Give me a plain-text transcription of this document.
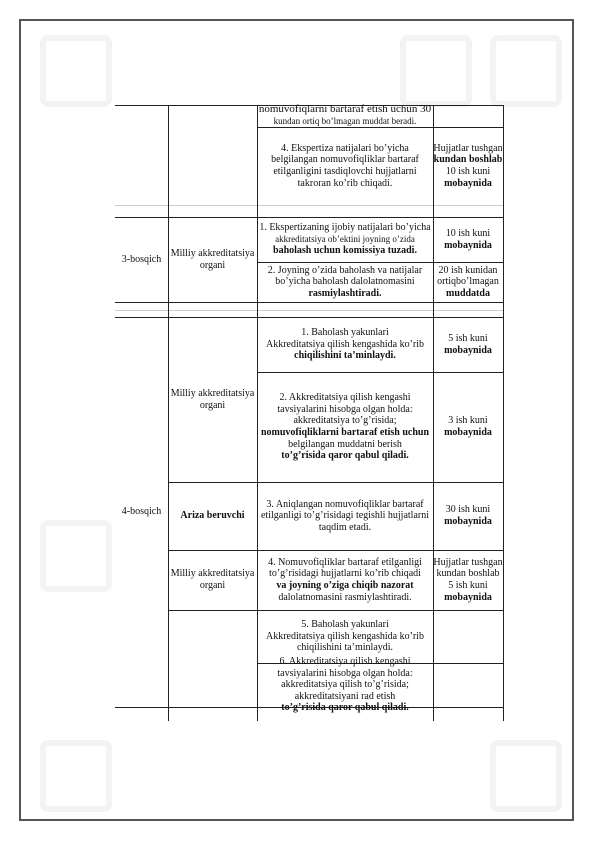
nomuvofiqlarni bartaraf etish uchun 30
kundan ortiq bo’lmagan muddat beradi.
4. Ekspertiza natijalari bo’yicha
belgilangan nomuvofiqliklar bartaraf
etilganligini tasdiqlovchi hujjatlarni
takroran ko’rib chiqadi.
Hujjatlar tushgan
kundan boshlab
10 ish kuni
mobaynida
3-bosqich
Milliy akkreditatsiya
organi
1. Ekspertizaning ijobiy natijalari bo’yicha
akkreditatsiya ob’ektini joyning o’zida
baholash uchun komissiya tuzadi.
10 ish kuni
mobaynida
2. Joyning o’zida baholash va natijalar
bo’yicha baholash dalolatnomasini
rasmiylashtiradi.
20 ish kunidan
ortiqbo’lmagan
muddatda
4-bosqich
Milliy akkreditatsiya
organi
1. Baholash yakunlari
Akkreditatsiya qilish kengashida ko’rib
chiqilishini ta’minlaydi.
5 ish kuni
mobaynida
2. Akkreditatsiya qilish kengashi
tavsiyalarini hisobga olgan holda:
akkreditatsiya to’g’risida;
nomuvofiqliklarni bartaraf etish uchun
belgilangan muddatni berish
to’g’risida qaror qabul qiladi.
3 ish kuni
mobaynida
Ariza beruvchi
3. Aniqlangan nomuvofiqliklar bartaraf
etilganligi to’g’risidagi tegishli hujjatlarni
taqdim etadi.
30 ish kuni
mobaynida
Milliy akkreditatsiya
organi
4. Nomuvofiqliklar bartaraf etilganligi
to’g’risidagi hujjatlarni ko’rib chiqadi
va joyning o’ziga chiqib nazorat
dalolatnomasini rasmiylashtiradi.
Hujjatlar tushgan
kundan boshlab
5 ish kuni
mobaynida
5. Baholash yakunlari
Akkreditatsiya qilish kengashida ko’rib
chiqilishini ta’minlaydi.
6. Akkreditatsiya qilish kengashi
tavsiyalarini hisobga olgan holda:
akkreditatsiya qilish to’g’risida;
akkreditatsiyani rad etish
to’g’risida qaror qabul qiladi.
